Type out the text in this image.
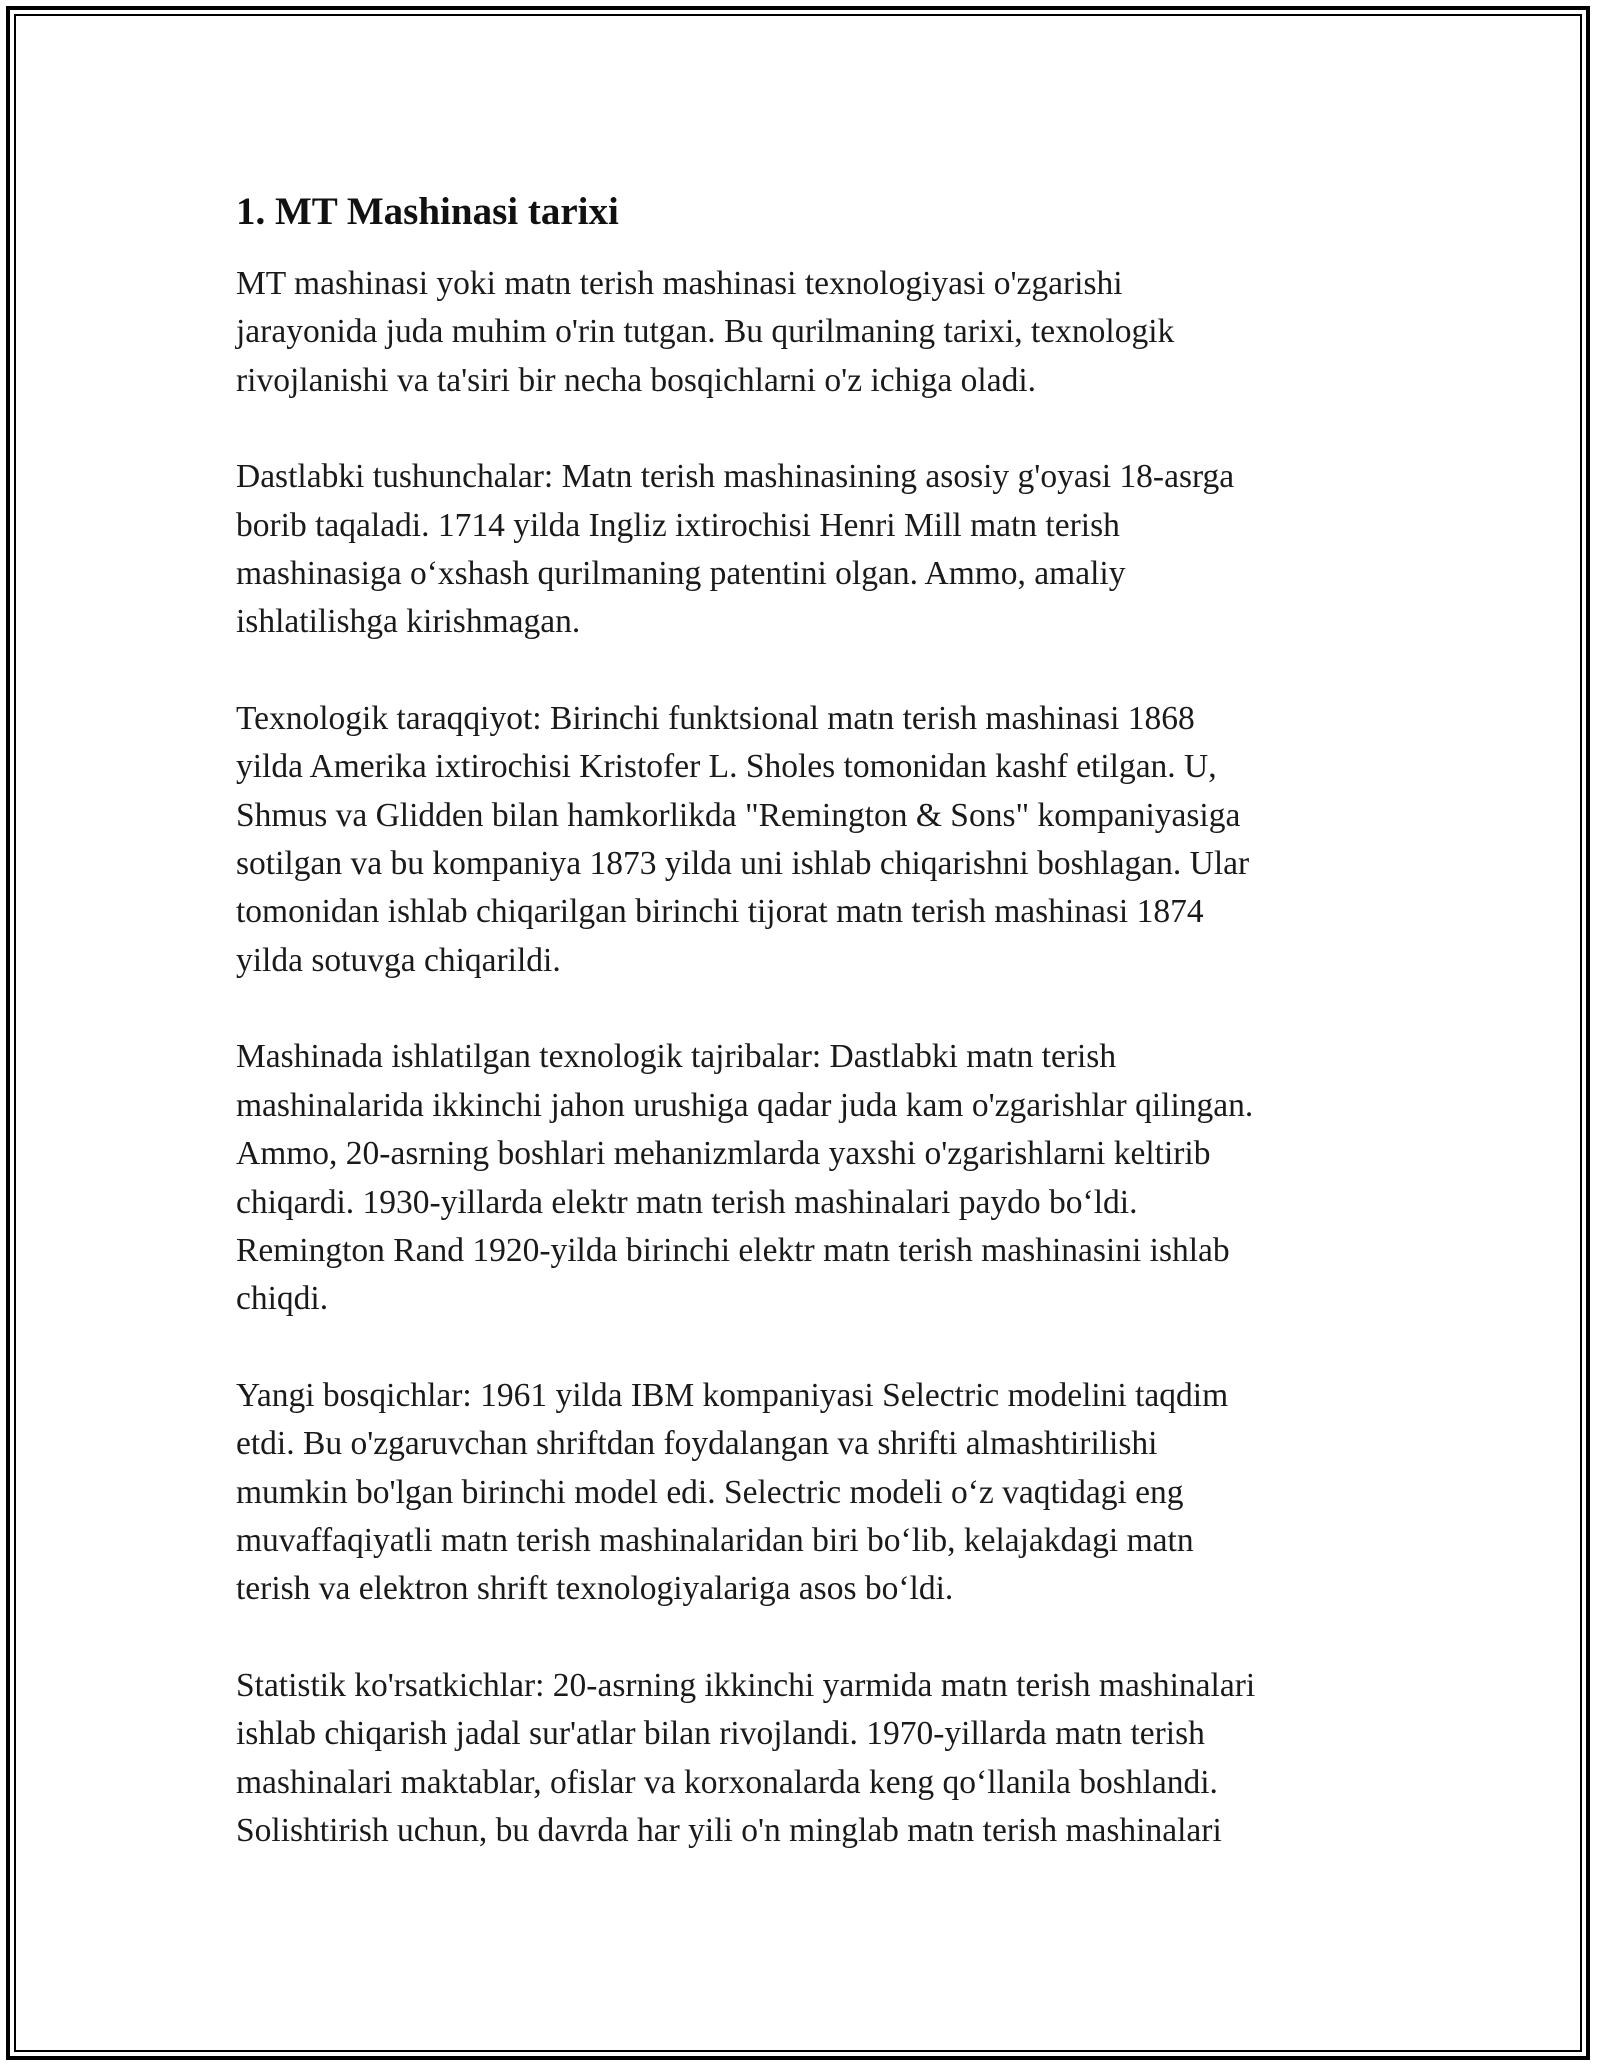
1. MT Mashinasi tarixi

MT mashinasi yoki matn terish mashinasi texnologiyasi o'zgarishi
jarayonida juda muhim o'rin tutgan. Bu qurilmaning tarixi, texnologik
rivojlanishi va ta'siri bir necha bosqichlarni o'z ichiga oladi.

Dastlabki tushunchalar: Matn terish mashinasining asosiy g'oyasi 18-asrga
borib taqaladi. 1714 yilda Ingliz ixtirochisi Henri Mill matn terish
mashinasiga o‘xshash qurilmaning patentini olgan. Ammo, amaliy
ishlatilishga kirishmagan.

Texnologik taraqqiyot: Birinchi funktsional matn terish mashinasi 1868
yilda Amerika ixtirochisi Kristofer L. Sholes tomonidan kashf etilgan. U,
Shmus va Glidden bilan hamkorlikda "Remington & Sons" kompaniyasiga
sotilgan va bu kompaniya 1873 yilda uni ishlab chiqarishni boshlagan. Ular
tomonidan ishlab chiqarilgan birinchi tijorat matn terish mashinasi 1874
yilda sotuvga chiqarildi.

Mashinada ishlatilgan texnologik tajribalar: Dastlabki matn terish
mashinalarida ikkinchi jahon urushiga qadar juda kam o'zgarishlar qilingan.
Ammo, 20-asrning boshlari mehanizmlarda yaxshi o'zgarishlarni keltirib
chiqardi. 1930-yillarda elektr matn terish mashinalari paydo bo‘ldi.
Remington Rand 1920-yilda birinchi elektr matn terish mashinasini ishlab
chiqdi.

Yangi bosqichlar: 1961 yilda IBM kompaniyasi Selectric modelini taqdim
etdi. Bu o'zgaruvchan shriftdan foydalangan va shrifti almashtirilishi
mumkin bo'lgan birinchi model edi. Selectric modeli o‘z vaqtidagi eng
muvaffaqiyatli matn terish mashinalaridan biri bo‘lib, kelajakdagi matn
terish va elektron shrift texnologiyalariga asos bo‘ldi.

Statistik ko'rsatkichlar: 20-asrning ikkinchi yarmida matn terish mashinalari
ishlab chiqarish jadal sur'atlar bilan rivojlandi. 1970-yillarda matn terish
mashinalari maktablar, ofislar va korxonalarda keng qo‘llanila boshlandi.
Solishtirish uchun, bu davrda har yili o'n minglab matn terish mashinalari
